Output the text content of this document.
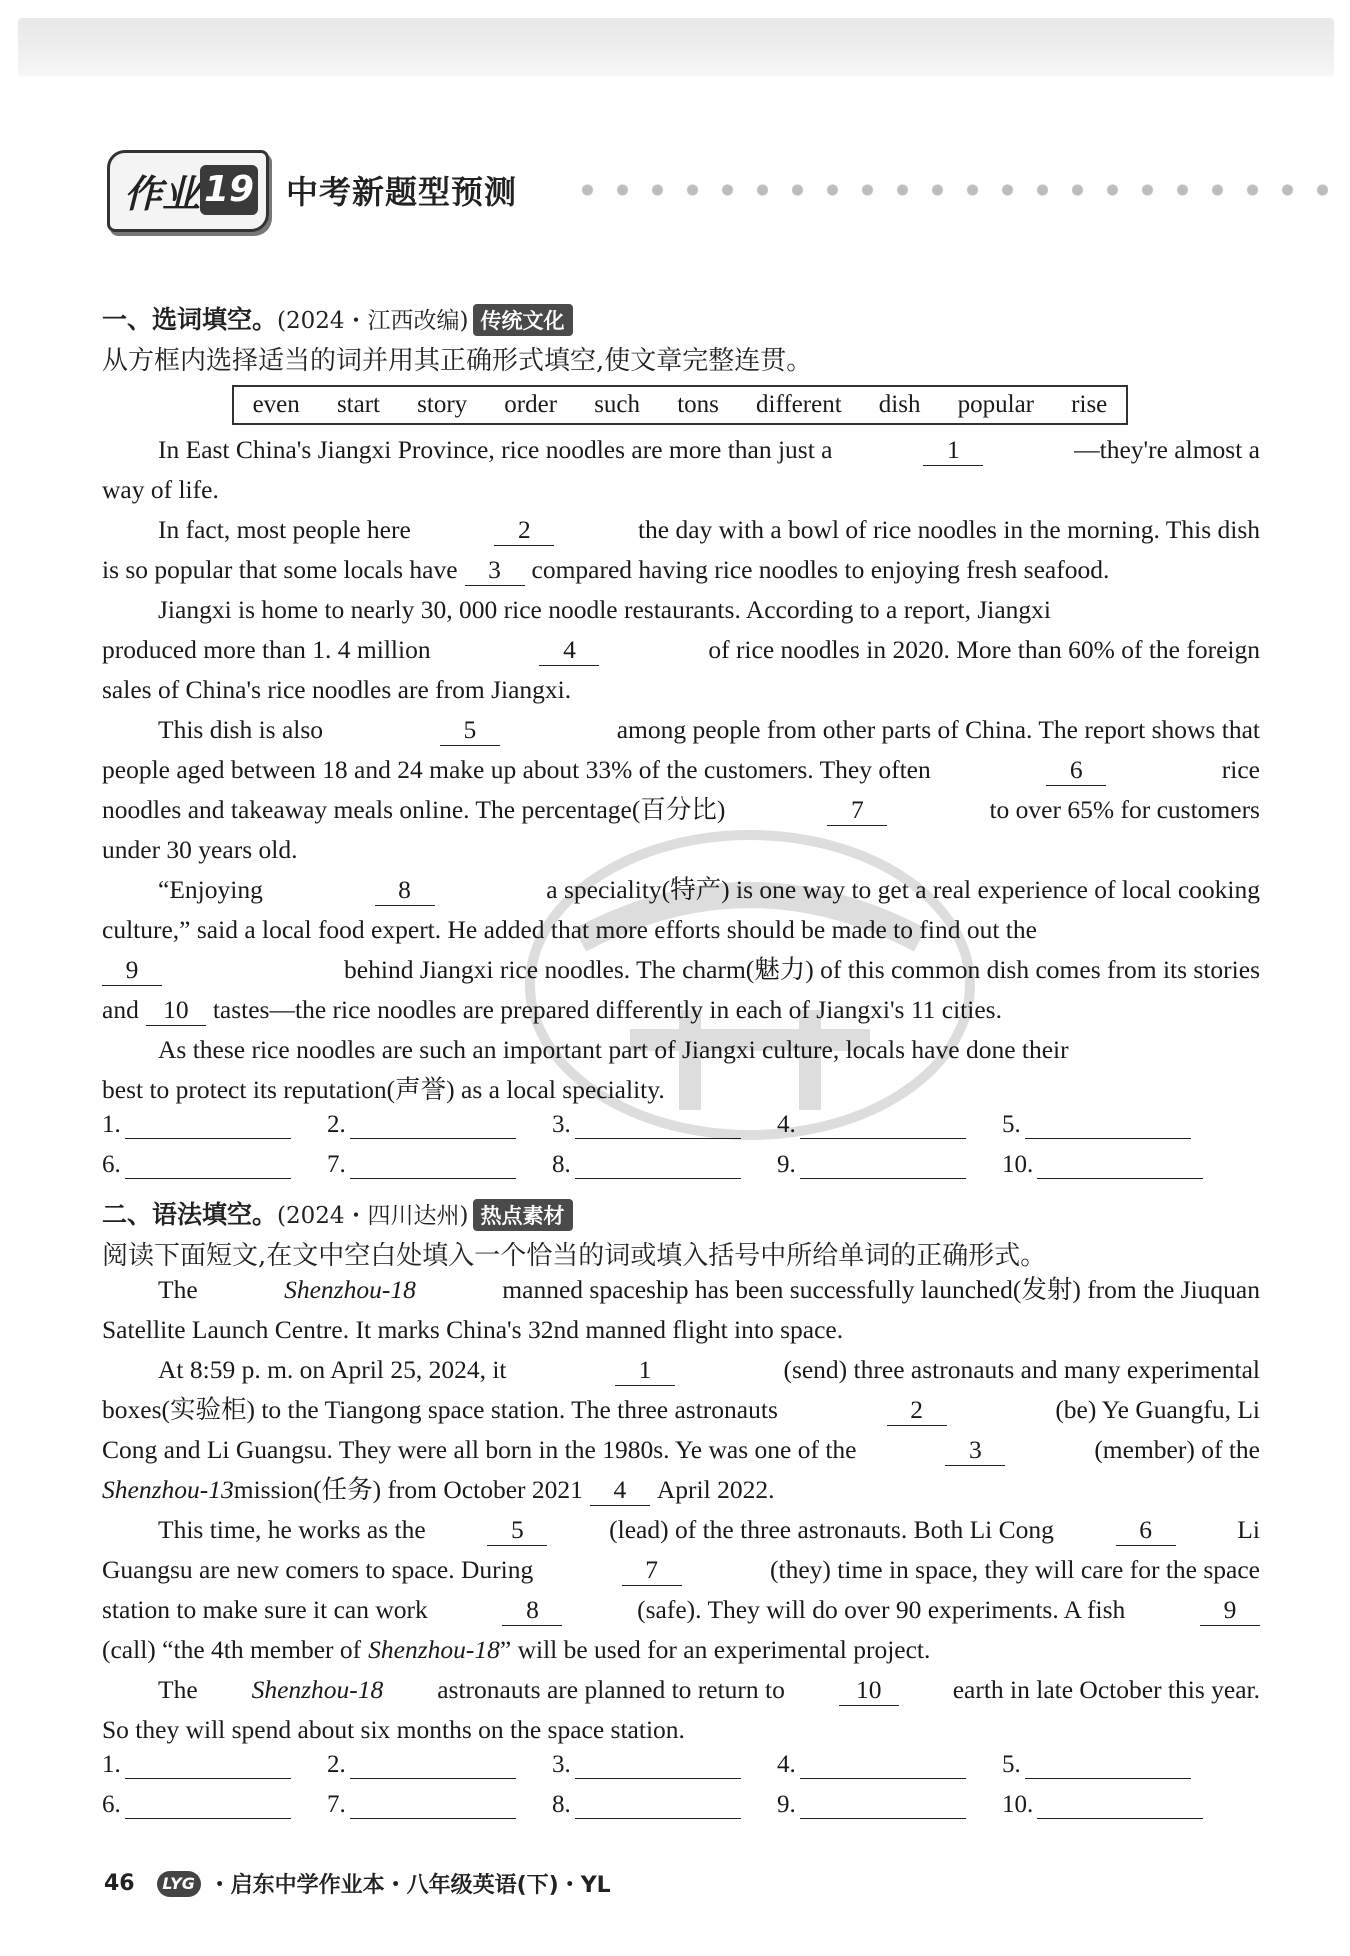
作业 19 中考新题型预测
一、选词填空。(2024・江西改编) 传统文化
从方框内选择适当的词并用其正确形式填空,使文章完整连贯。
even start story order such tons different dish popular rise
In East China's Jiangxi Province, rice noodles are more than just a	1	—they're almost a
way of life.
In fact, most people here	2	the day with a bowl of rice noodles in the morning. This dish
is so popular that some locals have	3	compared having rice noodles to enjoying fresh seafood.
Jiangxi is home to nearly 30, 000 rice noodle restaurants. According to a report, Jiangxi
produced more than 1. 4 million	4	of rice noodles in 2020. More than 60% of the foreign
sales of China's rice noodles are from Jiangxi.
This dish is also	5	among people from other parts of China. The report shows that
people aged between 18 and 24 make up about 33% of the customers. They often	6	rice
noodles and takeaway meals online. The percentage(百分比)	7	to over 65% for customers
under 30 years old.
“Enjoying	8	a speciality(特产) is one way to get a real experience of local cooking
culture,” said a local food expert. He added that more efforts should be made to find out the
9	behind Jiangxi rice noodles. The charm(魅力) of this common dish comes from its stories
and 10 tastes—the rice noodles are prepared differently in each of Jiangxi's 11 cities.
As these rice noodles are such an important part of Jiangxi culture, locals have done their
best to protect its reputation(声誉) as a local speciality.
1.	2.	3.	4.	5.
6.	7.	8.	9.	10.
二、语法填空。(2024・四川达州) 热点素材
阅读下面短文,在文中空白处填入一个恰当的词或填入括号中所给单词的正确形式。
The	Shenzhou-18	manned spaceship has been successfully launched(发射) from the Jiuquan
Satellite Launch Centre. It marks China's 32nd manned flight into space.
At 8:59 p. m. on April 25, 2024, it	1	(send) three astronauts and many experimental
boxes(实验柜) to the Tiangong space station. The three astronauts	2	(be) Ye Guangfu, Li
Cong and Li Guangsu. They were all born in the 1980s. Ye was one of the	3	(member) of the
Shenzhou-13 mission(任务) from October 2021	4	April 2022.
This time, he works as the	5	(lead) of the three astronauts. Both Li Cong	6	Li
Guangsu are new comers to space. During	7	(they) time in space, they will care for the space
station to make sure it can work	8	(safe). They will do over 90 experiments. A fish	9
(call) “the 4th member of Shenzhou-18 ” will be used for an experimental project.
The Shenzhou-18 astronauts are planned to return to	10	earth in late October this year.
So they will spend about six months on the space station.
1.	2.	3.	4.	5.
6.	7.	8.	9.	10.
46	LYG ・启东中学作业本・八年级英语(下)・YL
